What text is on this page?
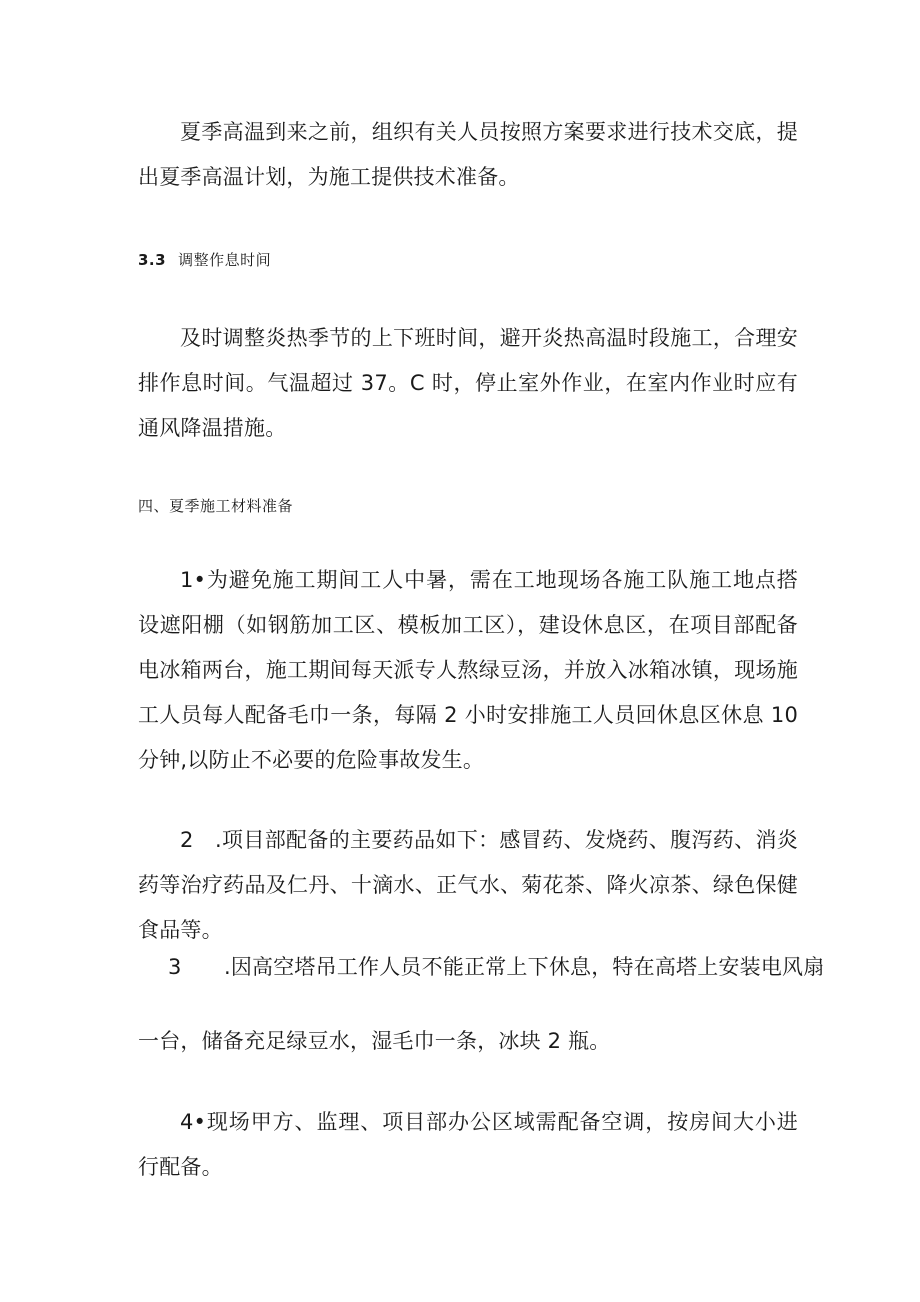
夏季高温到来之前，组织有关人员按照方案要求进行技术交底，提出夏季高温计划，为施工提供技术准备。

3.3 调整作息时间

及时调整炎热季节的上下班时间，避开炎热高温时段施工，合理安排作息时间。气温超过 37。C 时，停止室外作业，在室内作业时应有通风降温措施。

四、夏季施工材料准备

1•为避免施工期间工人中暑，需在工地现场各施工队施工地点搭设遮阳棚（如钢筋加工区、模板加工区），建设休息区，在项目部配备电冰箱两台，施工期间每天派专人熬绿豆汤，并放入冰箱冰镇，现场施工人员每人配备毛巾一条，每隔 2 小时安排施工人员回休息区休息 10 分钟,以防止不必要的危险事故发生。

2　.项目部配备的主要药品如下：感冒药、发烧药、腹泻药、消炎药等治疗药品及仁丹、十滴水、正气水、菊花茶、降火凉茶、绿色保健食品等。

3　　.因高空塔吊工作人员不能正常上下休息，特在高塔上安装电风扇

一台，储备充足绿豆水，湿毛巾一条，冰块 2 瓶。

4•现场甲方、监理、项目部办公区域需配备空调，按房间大小进行配备。
